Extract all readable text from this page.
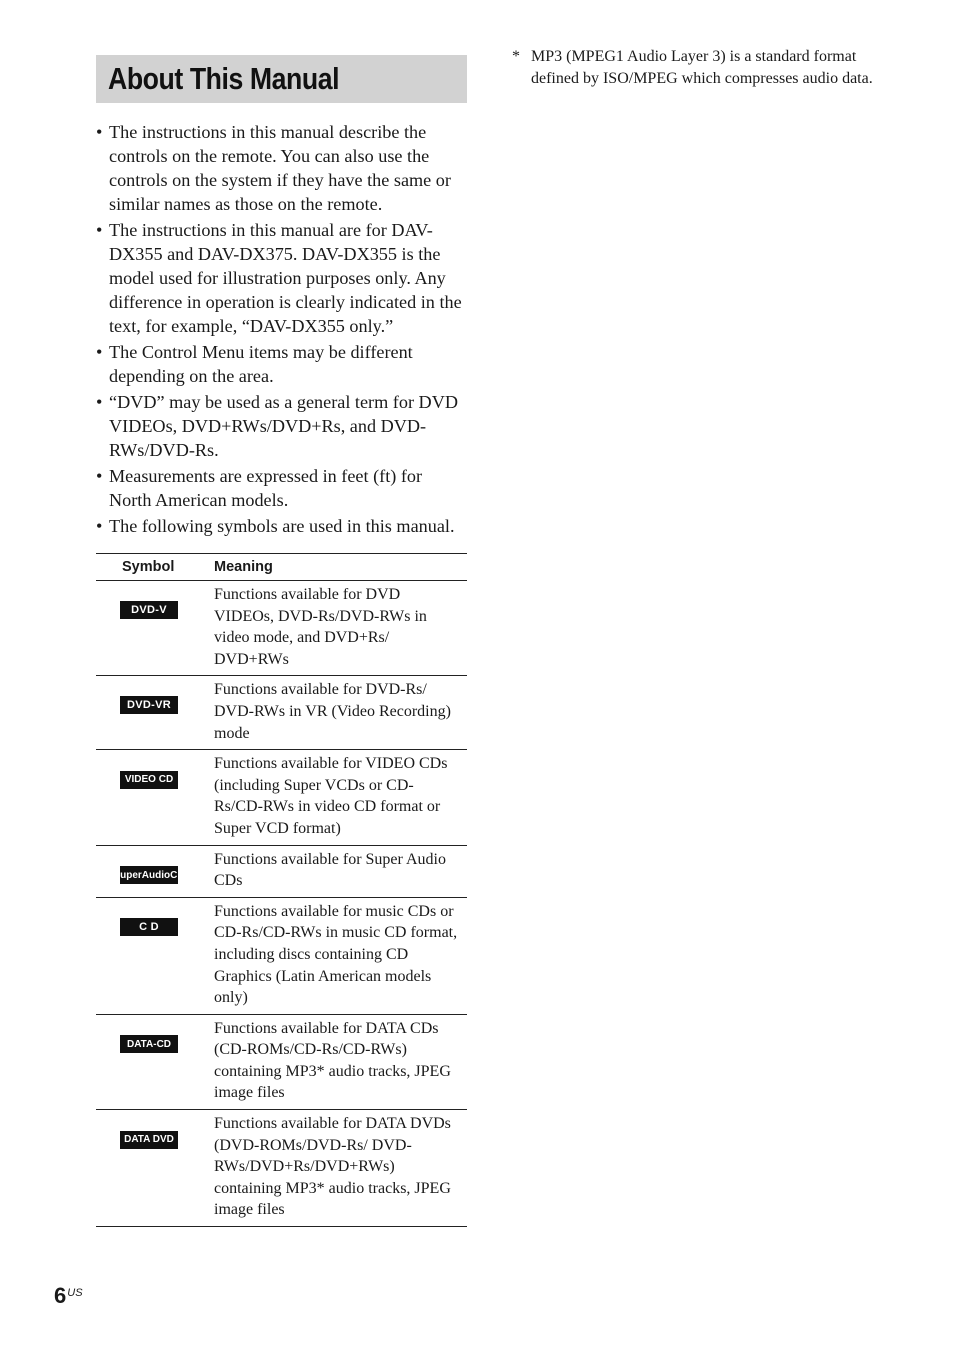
About This Manual
• The instructions in this manual describe the controls on the remote. You can also use the controls on the system if they have the same or similar names as those on the remote.
• The instructions in this manual are for DAV-DX355 and DAV-DX375. DAV-DX355 is the model used for illustration purposes only. Any difference in operation is clearly indicated in the text, for example, “DAV-DX355 only.”
• The Control Menu items may be different depending on the area.
• “DVD” may be used as a general term for DVD VIDEOs, DVD+RWs/DVD+Rs, and DVD-RWs/DVD-Rs.
• Measurements are expressed in feet (ft) for North American models.
• The following symbols are used in this manual.
Symbol	Meaning
DVD-V	Functions available for DVD VIDEOs, DVD-Rs/DVD-RWs in video mode, and DVD+Rs/ DVD+RWs
DVD-VR	Functions available for DVD-Rs/ DVD-RWs in VR (Video Recording) mode
VIDEO CD	Functions available for VIDEO CDs (including Super VCDs or CD-Rs/CD-RWs in video CD format or Super VCD format)
SuperAudioCD	Functions available for Super Audio CDs
C D	Functions available for music CDs or CD-Rs/CD-RWs in music CD format, including discs containing CD Graphics (Latin American models only)
DATA-CD	Functions available for DATA CDs (CD-ROMs/CD-Rs/CD-RWs) containing MP3* audio tracks, JPEG image files
DATA DVD	Functions available for DATA DVDs (DVD-ROMs/DVD-Rs/ DVD-RWs/DVD+Rs/DVD+RWs) containing MP3* audio tracks, JPEG image files
* MP3 (MPEG1 Audio Layer 3) is a standard format defined by ISO/MPEG which compresses audio data.
$6^{US}$
